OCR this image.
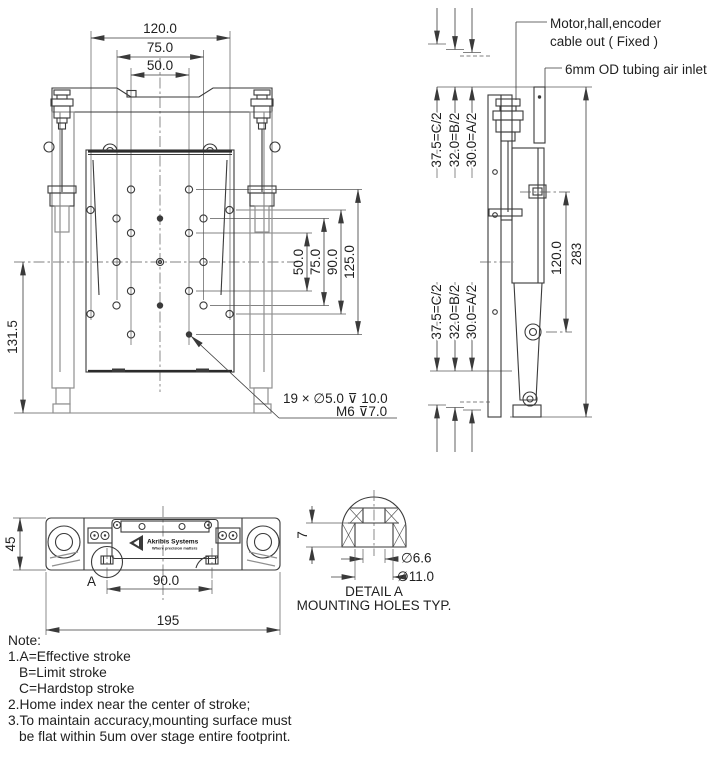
120.0
75.0
50.0
131.5
50.0 75.0 90.0 125.0
19 × ∅5.0 ⊽ 10.0
M6 ⊽7.0
37.5=C/2 32.0=B/2 30.0=A/2
37.5=C/2 32.0=B/2 30.0=A/2
120.0 283
Motor,hall,encoder
cable out ( Fixed )
6mm OD tubing air inlet
Akribis Systems
Where precision matters
45
90.0
195
A
7
∅6.6
∅11.0
DETAIL A
MOUNTING HOLES TYP.
Note:
1.A=Effective stroke
B=Limit stroke
C=Hardstop stroke
2.Home index near the center of stroke;
3.To maintain accuracy,mounting surface must
be flat within 5um over stage entire footprint.
